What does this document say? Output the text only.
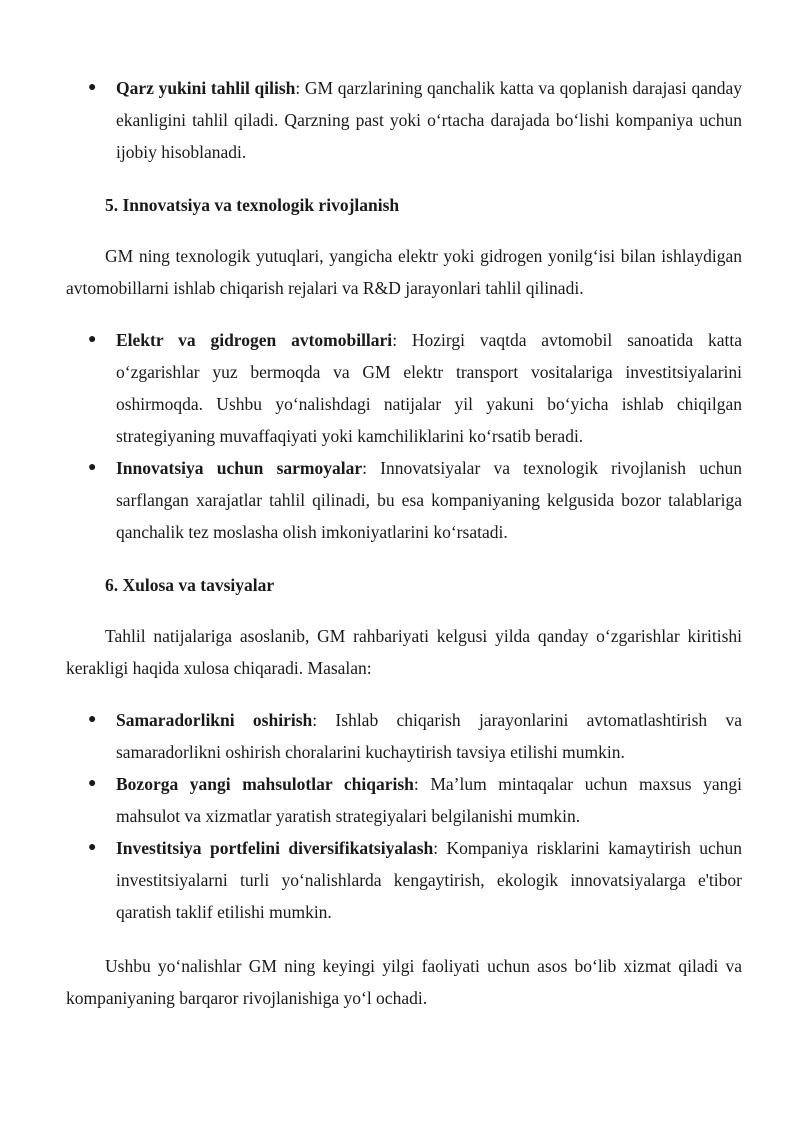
● Qarz yukini tahlil qilish: GM qarzlarining qanchalik katta va qoplanish darajasi qanday ekanligini tahlil qiladi. Qarzning past yoki o‘rtacha darajada bo‘lishi kompaniya uchun ijobiy hisoblanadi.
5. Innovatsiya va texnologik rivojlanish

GM ning texnologik yutuqlari, yangicha elektr yoki gidrogen yonilg‘isi bilan ishlaydigan avtomobillarni ishlab chiqarish rejalari va R&D jarayonlari tahlil qilinadi.

● Elektr va gidrogen avtomobillari: Hozirgi vaqtda avtomobil sanoatida katta o‘zgarishlar yuz bermoqda va GM elektr transport vositalariga investitsiyalarini oshirmoqda. Ushbu yo‘nalishdagi natijalar yil yakuni bo‘yicha ishlab chiqilgan strategiyaning muvaffaqiyati yoki kamchiliklarini ko‘rsatib beradi.
● Innovatsiya uchun sarmoyalar: Innovatsiyalar va texnologik rivojlanish uchun sarflangan xarajatlar tahlil qilinadi, bu esa kompaniyaning kelgusida bozor talablariga qanchalik tez moslasha olish imkoniyatlarini ko‘rsatadi.
6. Xulosa va tavsiyalar

Tahlil natijalariga asoslanib, GM rahbariyati kelgusi yilda qanday o‘zgarishlar kiritishi kerakligi haqida xulosa chiqaradi. Masalan:

● Samaradorlikni oshirish: Ishlab chiqarish jarayonlarini avtomatlashtirish va samaradorlikni oshirish choralarini kuchaytirish tavsiya etilishi mumkin.
● Bozorga yangi mahsulotlar chiqarish: Ma’lum mintaqalar uchun maxsus yangi mahsulot va xizmatlar yaratish strategiyalari belgilanishi mumkin.
● Investitsiya portfelini diversifikatsiyalash: Kompaniya risklarini kamaytirish uchun investitsiyalarni turli yo‘nalishlarda kengaytirish, ekologik innovatsiyalarga e'tibor qaratish taklif etilishi mumkin.

Ushbu yo‘nalishlar GM ning keyingi yilgi faoliyati uchun asos bo‘lib xizmat qiladi va kompaniyaning barqaror rivojlanishiga yo‘l ochadi.
